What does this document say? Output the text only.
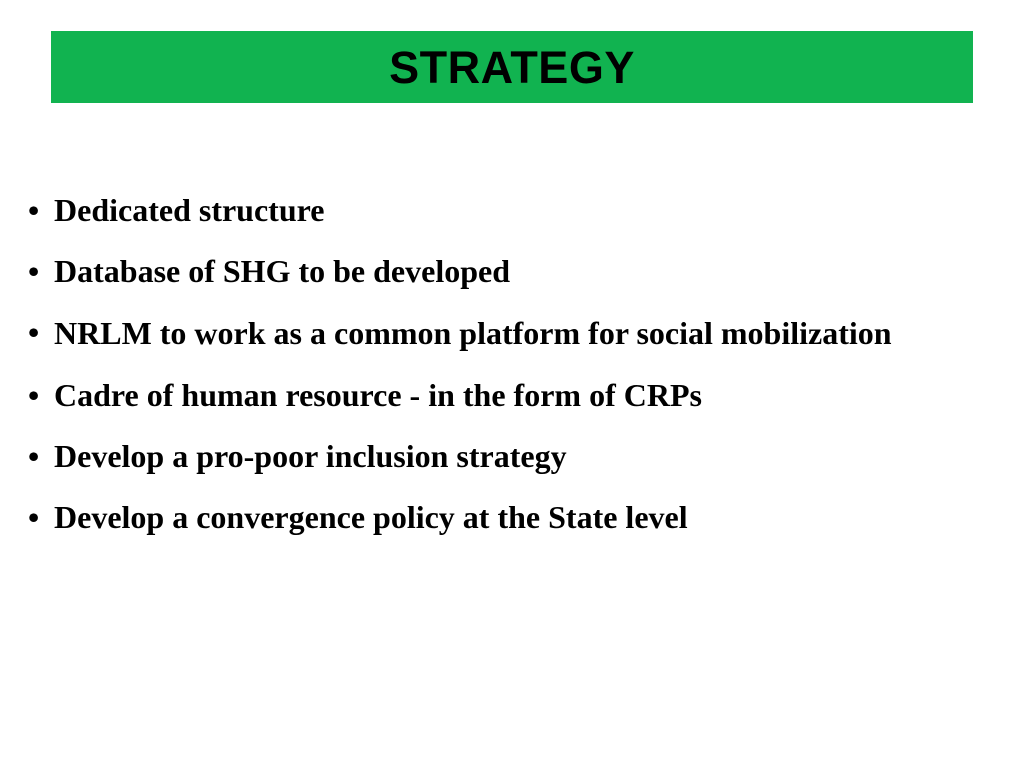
STRATEGY
• Dedicated structure
• Database of SHG to be developed
• NRLM to work as a common platform for social mobilization
• Cadre of human resource - in the form of CRPs
• Develop a pro-poor inclusion strategy
• Develop a convergence policy at the State level
